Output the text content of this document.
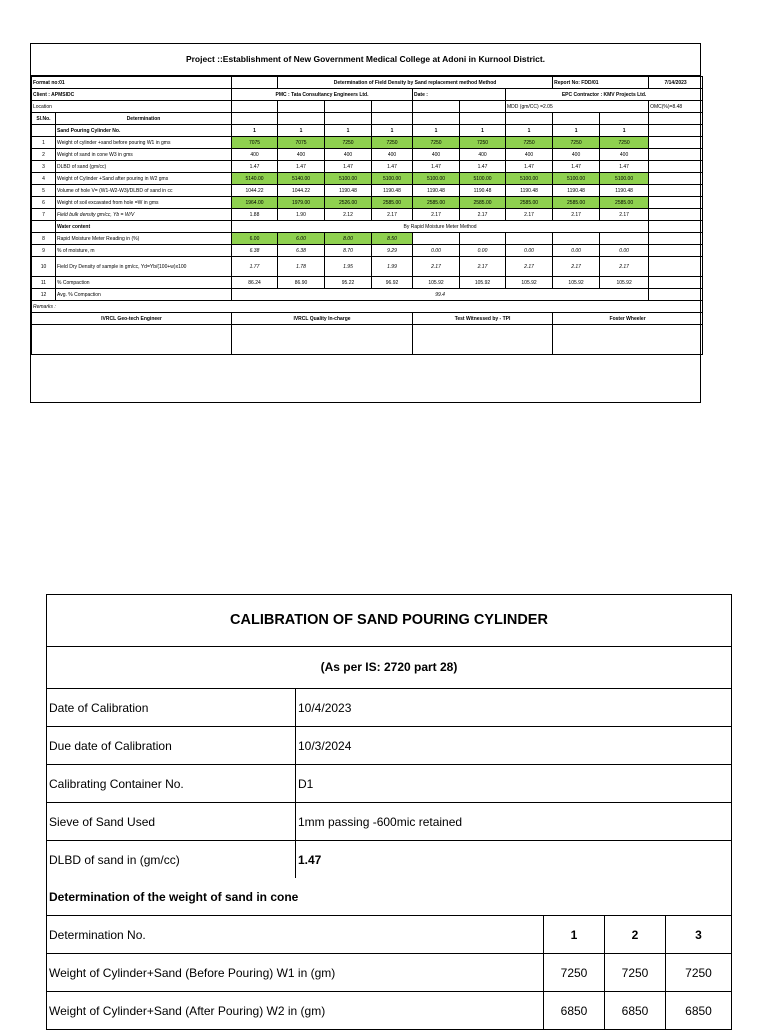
Project ::Establishment of New Government Medical College at Adoni in Kurnool District.
Format no:01			Determination of Field Density by Sand replacement method Method						Report No: FDD/01		7/14/2023
Client : APMSIDC		PMC : Tata Consultancy Engineers Ltd.				Date :		EPC Contractor : KMV Projects Ltd.			
Location								MDD (gm/CC) =2.05			OMC(%)=8.48
Sl.No.	Determination										
	Sand Pouring Cylinder No.	1	1	1	1	1	1	1	1	1	
1	Weight of cylinder +sand before pouring W1 in gms	7075	7075	7250	7250	7250	7250	7250	7250	7250	
2	Weight of sand in cone W3 in gms	400	400	400	400	400	400	400	400	400	
3	DLBD of sand (gm/cc)	1.47	1.47	1.47	1.47	1.47	1.47	1.47	1.47	1.47	
4	Weight of Cylinder +Sand after pouring in W2 gms	5140.00	5140.00	5100.00	5100.00	5100.00	5100.00	5100.00	5100.00	5100.00	
5	Volume of hole V= (W1-W2-W3)/DLBD of sand in cc	1044.22	1044.22	1190.48	1190.48	1190.48	1190.48	1190.48	1190.48	1190.48	
6	Weight of soil excavated from hole =W in gms	1964.00	1979.00	2526.00	2585.00	2585.00	2585.00	2585.00	2585.00	2585.00	
7	Field bulk density gm/cc, Yb = W/V	1.88	1.90	2.12	2.17	2.17	2.17	2.17	2.17	2.17	
	Water content	By Rapid Moisture Meter Method									
8	Rapid Moisture Meter Reading in (%)	6.00	6.00	8.00	8.50						
9	% of moisture, m	6.38	6.38	8.70	9.29	0.00	0.00	0.00	0.00	0.00	
10	Field Dry Density of sample in gm/cc, Yd=Yb/(100+w)x100	1.77	1.78	1.95	1.99	2.17	2.17	2.17	2.17	2.17	
11	% Compaction	86.24	86.90	95.22	96.92	105.92	105.92	105.92	105.92	105.92	
12	Avg. % Compaction	99.4									
Remarks :											
IVRCL Geo-tech Engineer		IVRCL Quality In-charge				Test Witnessed by - TPI			Foster Wheeler		

CALIBRATION OF SAND POURING CYLINDER
(As per IS: 2720 part 28)
Date of Calibration	10/4/2023
Due date of Calibration	10/3/2024
Calibrating Container No.	D1
Sieve of Sand Used	1mm passing -600mic retained
DLBD of sand in (gm/cc)	1.47
Determination of the weight of sand in cone
Determination No.	1	2	3
Weight of Cylinder+Sand (Before Pouring) W1 in (gm)	7250	7250	7250
Weight of Cylinder+Sand (After Pouring) W2 in (gm)	6850	6850	6850
